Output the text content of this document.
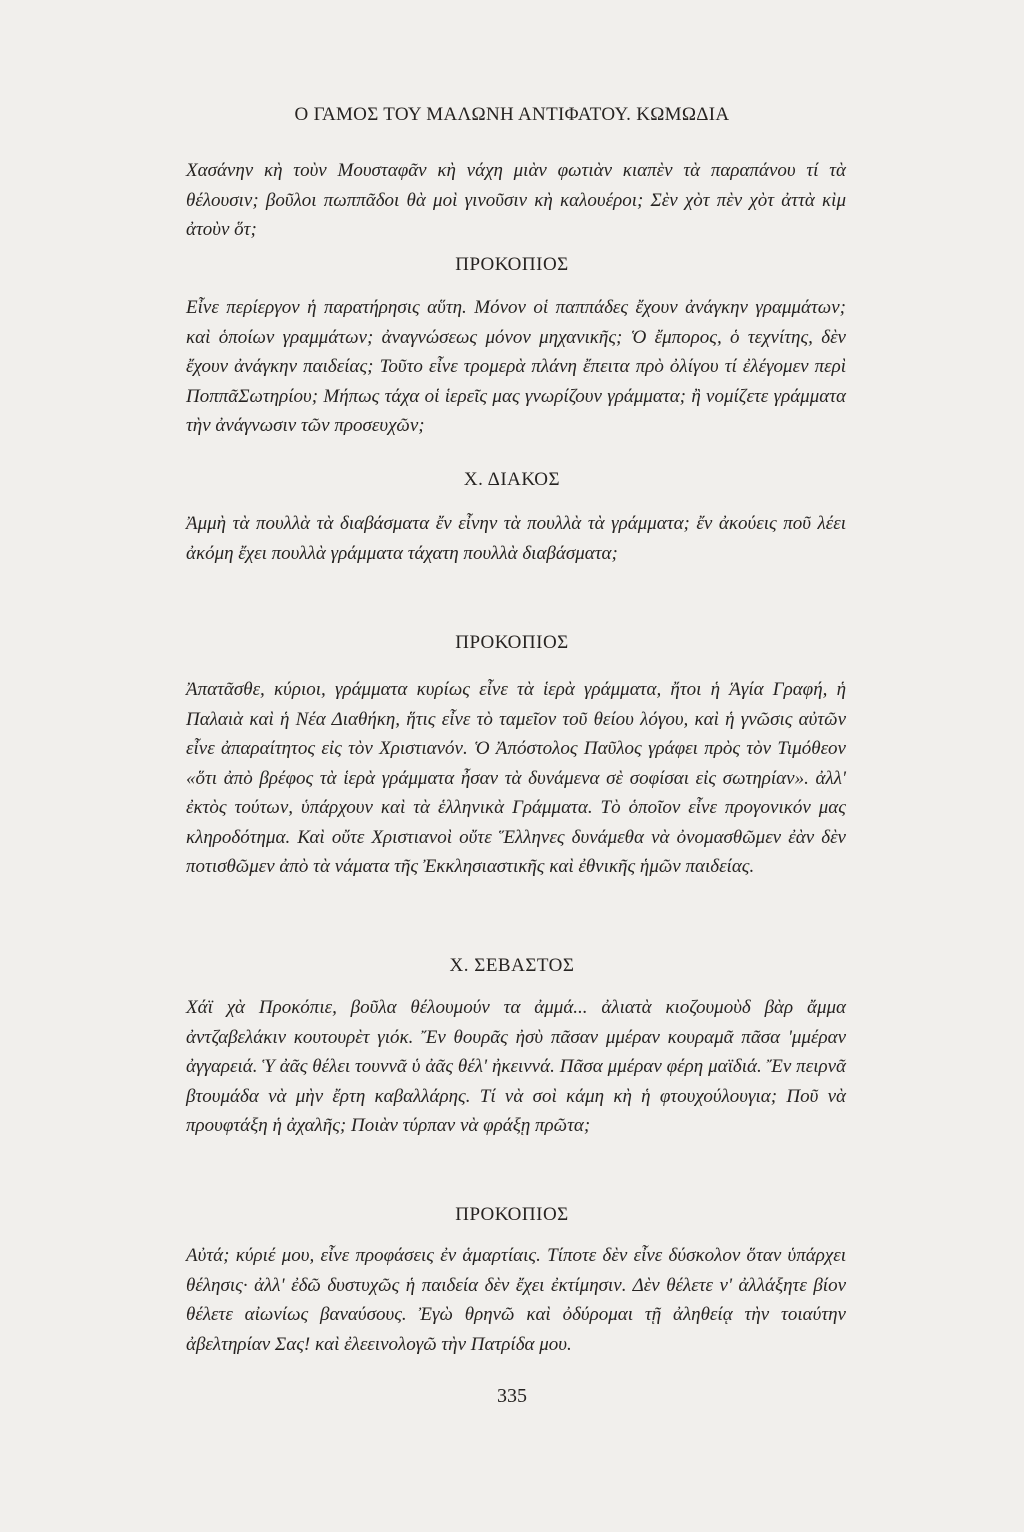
Ο ΓΑΜΟΣ ΤΟΥ ΜΑΛΩΝΗ ΑΝΤΙΦΑΤΟΥ. ΚΩΜΩΔΙΑ
Χασάνην κὴ τοὺν Μουσταφᾶν κὴ νάχη μιὰν φωτιὰν κιαπὲν τὰ παραπάνου τί τὰ θέλουσιν; βοῦλοι πωππᾶδοι θὰ μοὶ γινοῦσιν κὴ καλουέροι; Σὲν χὸτ πὲν χὸτ ἀττὰ κὶμ ἀτοὺν ὅτ;
ΠΡΟΚΟΠΙΟΣ
Εἶνε περίεργον ἡ παρατήρησις αὕτη. Μόνον οἱ παππάδες ἔχουν ἀνάγκην γραμμάτων; καὶ ὁποίων γραμμάτων; ἀναγνώσεως μόνον μηχανικῆς; Ὁ ἔμπορος, ὁ τεχνίτης, δὲν ἔχουν ἀνάγκην παιδείας; Τοῦτο εἶνε τρομερὰ πλάνη ἔπειτα πρὸ ὀλίγου τί ἐλέγομεν περὶ ΠοππᾶΣωτηρίου; Μήπως τάχα οἱ ἱερεῖς μας γνωρίζουν γράμματα; ἢ νομίζετε γράμματα τὴν ἀνάγνωσιν τῶν προσευχῶν;
Χ. ΔΙΑΚΟΣ
Ἀμμὴ τὰ πουλλὰ τὰ διαβάσματα ἔν εἶνην τὰ πουλλὰ τὰ γράμματα; ἔν ἀκούεις ποῦ λέει ἀκόμη ἔχει πουλλὰ γράμματα τάχατη πουλλὰ διαβάσματα;
ΠΡΟΚΟΠΙΟΣ
Ἀπατᾶσθε, κύριοι, γράμματα κυρίως εἶνε τὰ ἱερὰ γράμματα, ἤτοι ἡ Ἁγία Γραφή, ἡ Παλαιὰ καὶ ἡ Νέα Διαθήκη, ἥτις εἶνε τὸ ταμεῖον τοῦ θείου λόγου, καὶ ἡ γνῶσις αὐτῶν εἶνε ἀπαραίτητος εἰς τὸν Χριστιανόν. Ὁ Ἀπόστολος Παῦλος γράφει πρὸς τὸν Τιμόθεον «ὅτι ἀπὸ βρέφος τὰ ἱερὰ γράμματα ἦσαν τὰ δυνάμενα σὲ σοφίσαι εἰς σωτηρίαν». ἀλλ' ἐκτὸς τούτων, ὑπάρχουν καὶ τὰ ἑλληνικὰ Γράμματα. Τὸ ὁποῖον εἶνε προγονικόν μας κληροδότημα. Καὶ οὔτε Χριστιανοὶ οὔτε Ἕλληνες δυνάμεθα νὰ ὀνομασθῶμεν ἐὰν δὲν ποτισθῶμεν ἀπὸ τὰ νάματα τῆς Ἐκκλησιαστικῆς καὶ ἐθνικῆς ἡμῶν παιδείας.
Χ. ΣΕΒΑΣΤΟΣ
Χάϊ χὰ Προκόπιε, βοῦλα θέλουμούν τα ἀμμά... ἀλιατὰ κιοζουμοὺδ βὰρ ἄμμα ἀντζαβελάκιν κουτουρὲτ γιόκ. Ἔν θουρᾶς ἠσὺ πᾶσαν μμέραν κουραμᾶ πᾶσα 'μμέραν ἀγγαρειά. Ὑ ἀᾶς θέλει τουννᾶ ὑ ἀᾶς θέλ' ἠκειννά. Πᾶσα μμέραν φέρη μαϊδιά. Ἔν πειρνᾶ βτουμάδα νὰ μὴν ἔρτη καβαλλάρης. Τί νὰ σοὶ κάμη κὴ ἡ φτουχούλουγια; Ποῦ νὰ προυφτάξη ἡ ἀχαλῆς; Ποιὰν τύρπαν νὰ φράξῃ πρῶτα;
ΠΡΟΚΟΠΙΟΣ
Αὐτά; κύριέ μου, εἶνε προφάσεις ἐν ἁμαρτίαις. Τίποτε δὲν εἶνε δύσκολον ὅταν ὑπάρχει θέλησις· ἀλλ' ἐδῶ δυστυχῶς ἡ παιδεία δὲν ἔχει ἐκτίμησιν. Δὲν θέλετε ν' ἀλλάξητε βίον θέλετε αἰωνίως βαναύσους. Ἐγὼ θρηνῶ καὶ ὀδύρομαι τῇ ἀληθείᾳ τὴν τοιαύτην ἀβελτηρίαν Σας! καὶ ἐλεεινολογῶ τὴν Πατρίδα μου.
335
